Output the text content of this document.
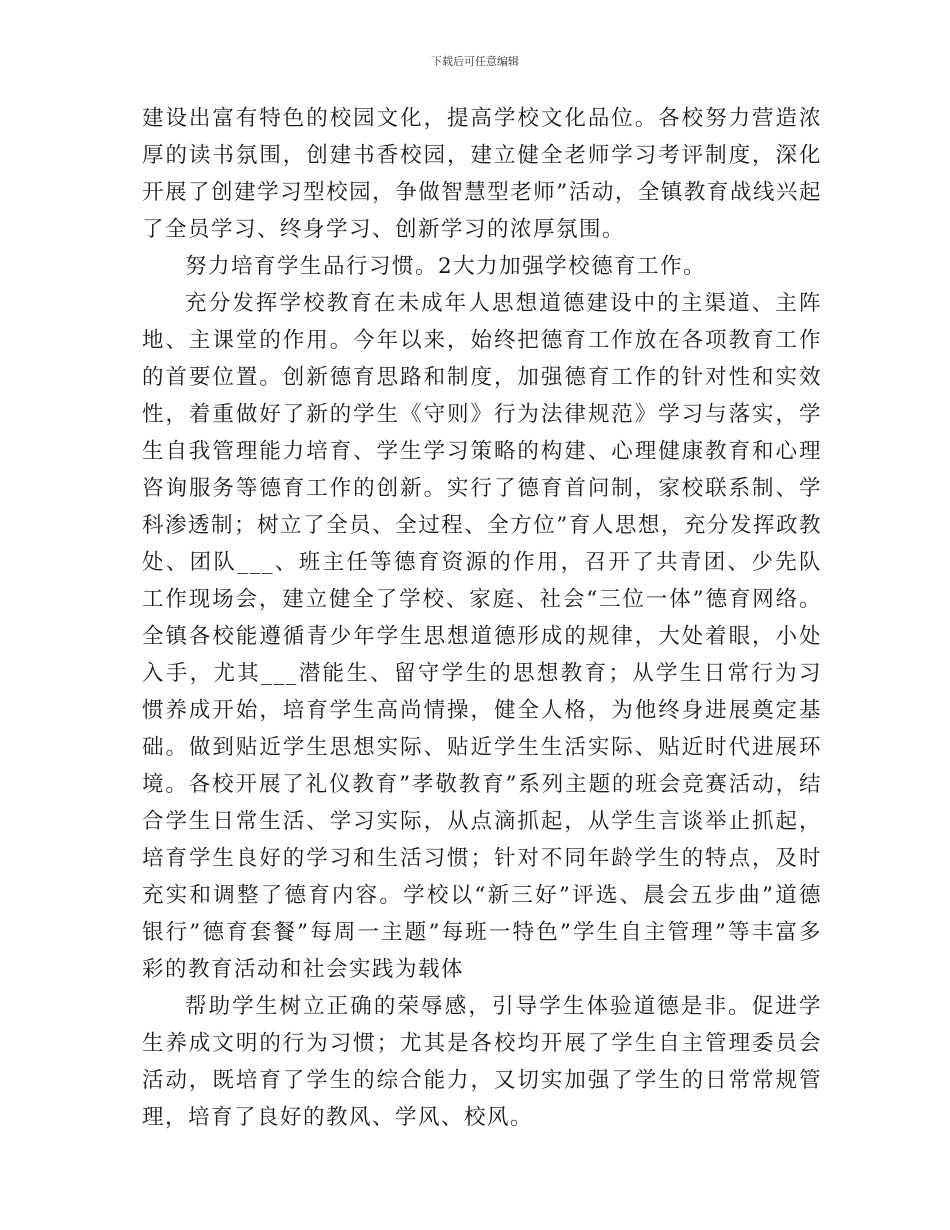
下载后可任意编辑

建设出富有特色的校园文化，提高学校文化品位。各校努力营造浓厚的读书氛围，创建书香校园，建立健全老师学习考评制度，深化开展了创建学习型校园，争做智慧型老师”活动，全镇教育战线兴起了全员学习、终身学习、创新学习的浓厚氛围。

努力培育学生品行习惯。2大力加强学校德育工作。

充分发挥学校教育在未成年人思想道德建设中的主渠道、主阵地、主课堂的作用。今年以来，始终把德育工作放在各项教育工作的首要位置。创新德育思路和制度，加强德育工作的针对性和实效性，着重做好了新的学生《守则》行为法律规范》学习与落实，学生自我管理能力培育、学生学习策略的构建、心理健康教育和心理咨询服务等德育工作的创新。实行了德育首问制，家校联系制、学科渗透制；树立了全员、全过程、全方位”育人思想，充分发挥政教处、团队___、班主任等德育资源的作用，召开了共青团、少先队工作现场会，建立健全了学校、家庭、社会“三位一体”德育网络。全镇各校能遵循青少年学生思想道德形成的规律，大处着眼，小处入手，尤其___潜能生、留守学生的思想教育；从学生日常行为习惯养成开始，培育学生高尚情操，健全人格，为他终身进展奠定基础。做到贴近学生思想实际、贴近学生生活实际、贴近时代进展环境。各校开展了礼仪教育”孝敬教育”系列主题的班会竞赛活动，结合学生日常生活、学习实际，从点滴抓起，从学生言谈举止抓起，培育学生良好的学习和生活习惯；针对不同年龄学生的特点，及时充实和调整了德育内容。学校以“新三好”评选、晨会五步曲”道德银行”德育套餐”每周一主题”每班一特色”学生自主管理”等丰富多彩的教育活动和社会实践为载体

帮助学生树立正确的荣辱感，引导学生体验道德是非。促进学生养成文明的行为习惯；尤其是各校均开展了学生自主管理委员会活动，既培育了学生的综合能力，又切实加强了学生的日常常规管理，培育了良好的教风、学风、校风。
